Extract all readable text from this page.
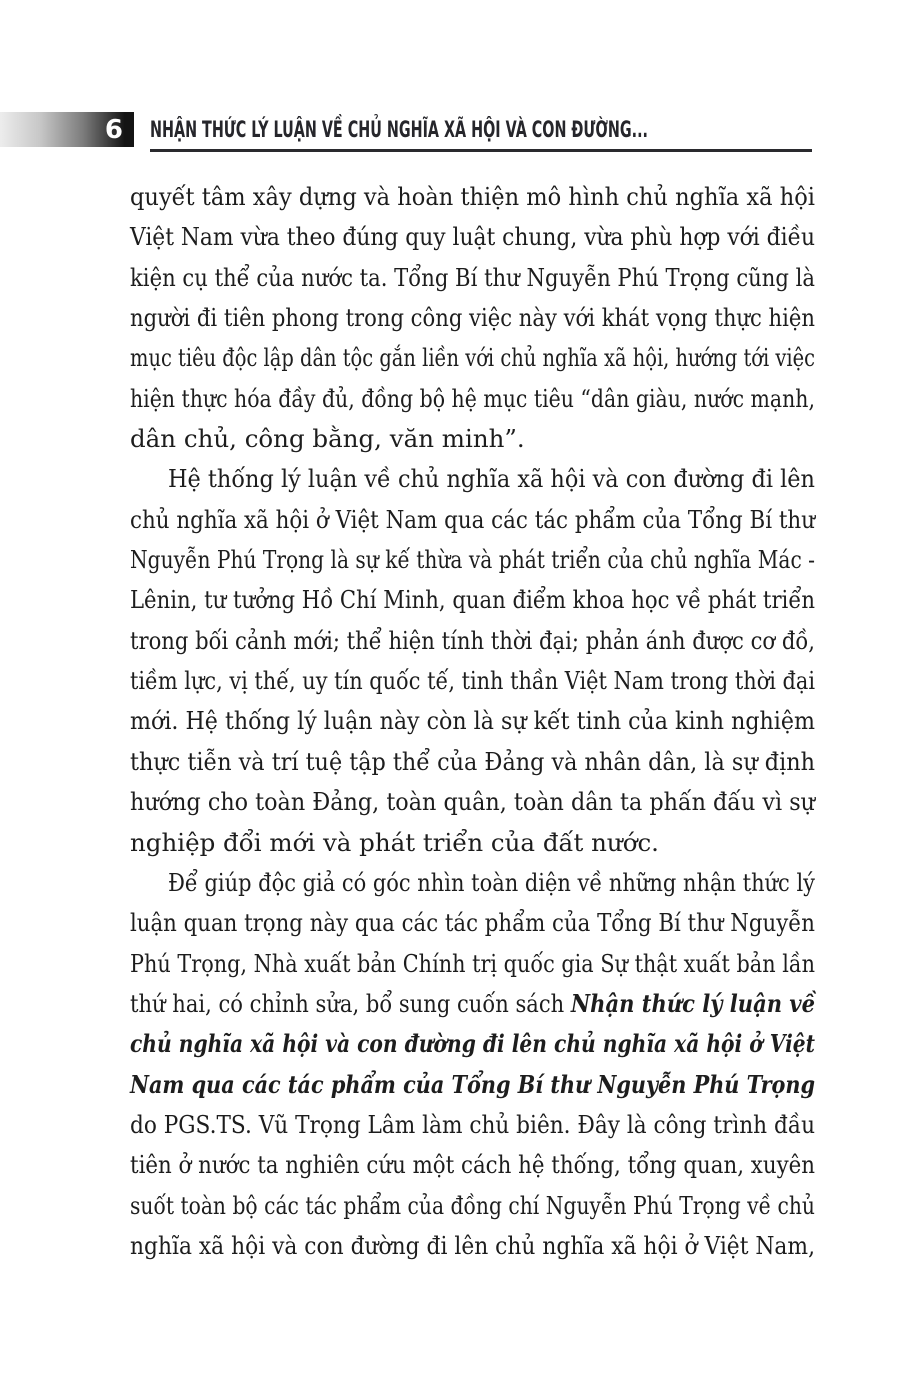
6 NHẬN THỨC LÝ LUẬN VỀ CHỦ NGHĨA XÃ HỘI VÀ CON ĐƯỜNG...
quyết tâm xây dựng và hoàn thiện mô hình chủ nghĩa xã hội
Việt Nam vừa theo đúng quy luật chung, vừa phù hợp với điều
kiện cụ thể của nước ta. Tổng Bí thư Nguyễn Phú Trọng cũng là
người đi tiên phong trong công việc này với khát vọng thực hiện
mục tiêu độc lập dân tộc gắn liền với chủ nghĩa xã hội, hướng tới việc
hiện thực hóa đầy đủ, đồng bộ hệ mục tiêu “dân giàu, nước mạnh,
dân chủ, công bằng, văn minh”.
Hệ thống lý luận về chủ nghĩa xã hội và con đường đi lên
chủ nghĩa xã hội ở Việt Nam qua các tác phẩm của Tổng Bí thư
Nguyễn Phú Trọng là sự kế thừa và phát triển của chủ nghĩa Mác -
Lênin, tư tưởng Hồ Chí Minh, quan điểm khoa học về phát triển
trong bối cảnh mới; thể hiện tính thời đại; phản ánh được cơ đồ,
tiềm lực, vị thế, uy tín quốc tế, tinh thần Việt Nam trong thời đại
mới. Hệ thống lý luận này còn là sự kết tinh của kinh nghiệm
thực tiễn và trí tuệ tập thể của Đảng và nhân dân, là sự định
hướng cho toàn Đảng, toàn quân, toàn dân ta phấn đấu vì sự
nghiệp đổi mới và phát triển của đất nước.
Để giúp độc giả có góc nhìn toàn diện về những nhận thức lý
luận quan trọng này qua các tác phẩm của Tổng Bí thư Nguyễn
Phú Trọng, Nhà xuất bản Chính trị quốc gia Sự thật xuất bản lần
thứ hai, có chỉnh sửa, bổ sung cuốn sách Nhận thức lý luận về
chủ nghĩa xã hội và con đường đi lên chủ nghĩa xã hội ở Việt
Nam qua các tác phẩm của Tổng Bí thư Nguyễn Phú Trọng
do PGS.TS. Vũ Trọng Lâm làm chủ biên. Đây là công trình đầu
tiên ở nước ta nghiên cứu một cách hệ thống, tổng quan, xuyên
suốt toàn bộ các tác phẩm của đồng chí Nguyễn Phú Trọng về chủ
nghĩa xã hội và con đường đi lên chủ nghĩa xã hội ở Việt Nam,
